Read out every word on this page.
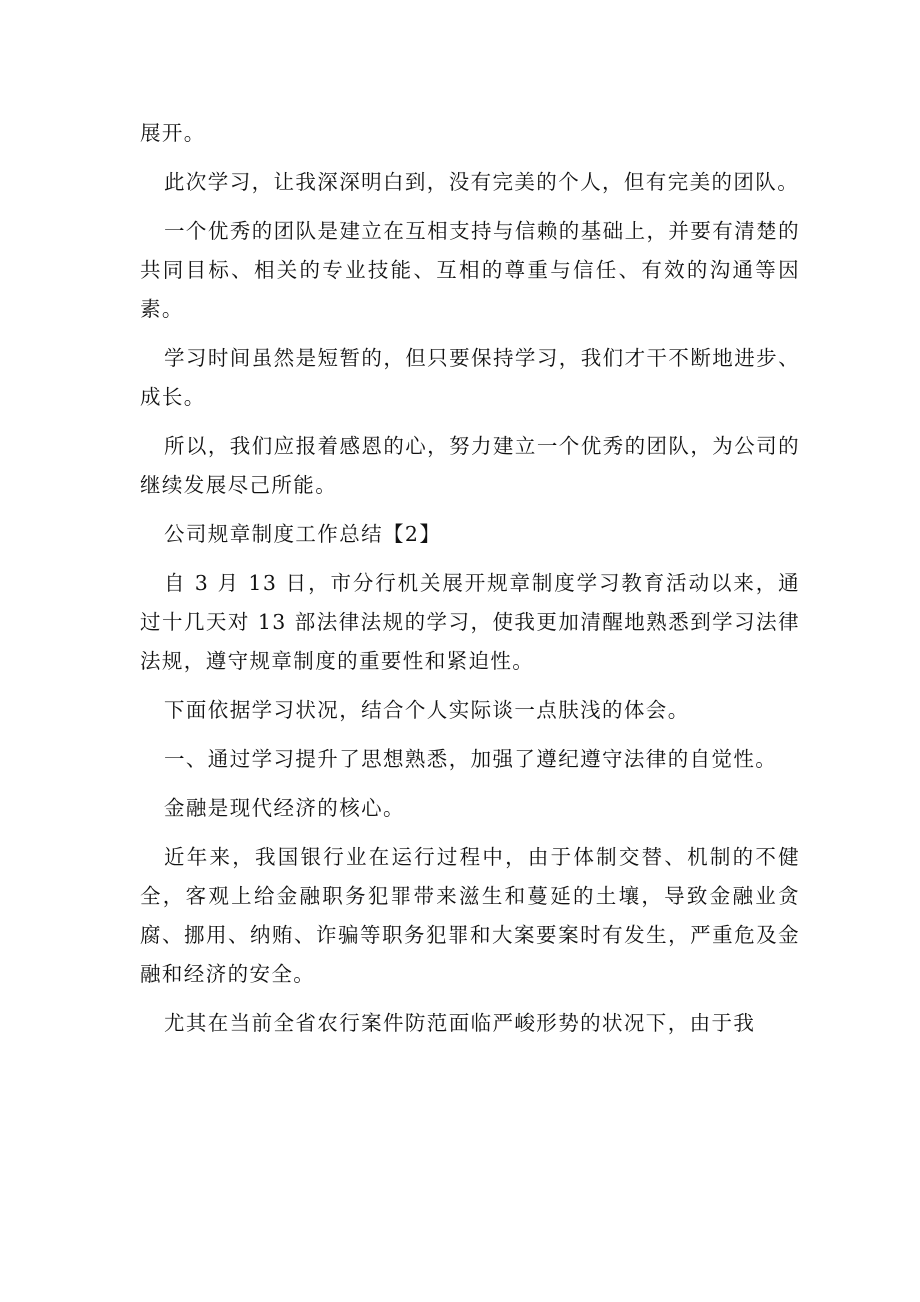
展开。

此次学习，让我深深明白到，没有完美的个人，但有完美的团队。

一个优秀的团队是建立在互相支持与信赖的基础上，并要有清楚的共同目标、相关的专业技能、互相的尊重与信任、有效的沟通等因素。

学习时间虽然是短暂的，但只要保持学习，我们才干不断地进步、成长。

所以，我们应报着感恩的心，努力建立一个优秀的团队，为公司的继续发展尽己所能。

公司规章制度工作总结【2】

自 3 月 13 日，市分行机关展开规章制度学习教育活动以来，通过十几天对 13 部法律法规的学习，使我更加清醒地熟悉到学习法律法规，遵守规章制度的重要性和紧迫性。

下面依据学习状况，结合个人实际谈一点肤浅的体会。

一、通过学习提升了思想熟悉，加强了遵纪遵守法律的自觉性。

金融是现代经济的核心。

近年来，我国银行业在运行过程中，由于体制交替、机制的不健全，客观上给金融职务犯罪带来滋生和蔓延的土壤，导致金融业贪腐、挪用、纳贿、诈骗等职务犯罪和大案要案时有发生，严重危及金融和经济的安全。

尤其在当前全省农行案件防范面临严峻形势的状况下，由于我
